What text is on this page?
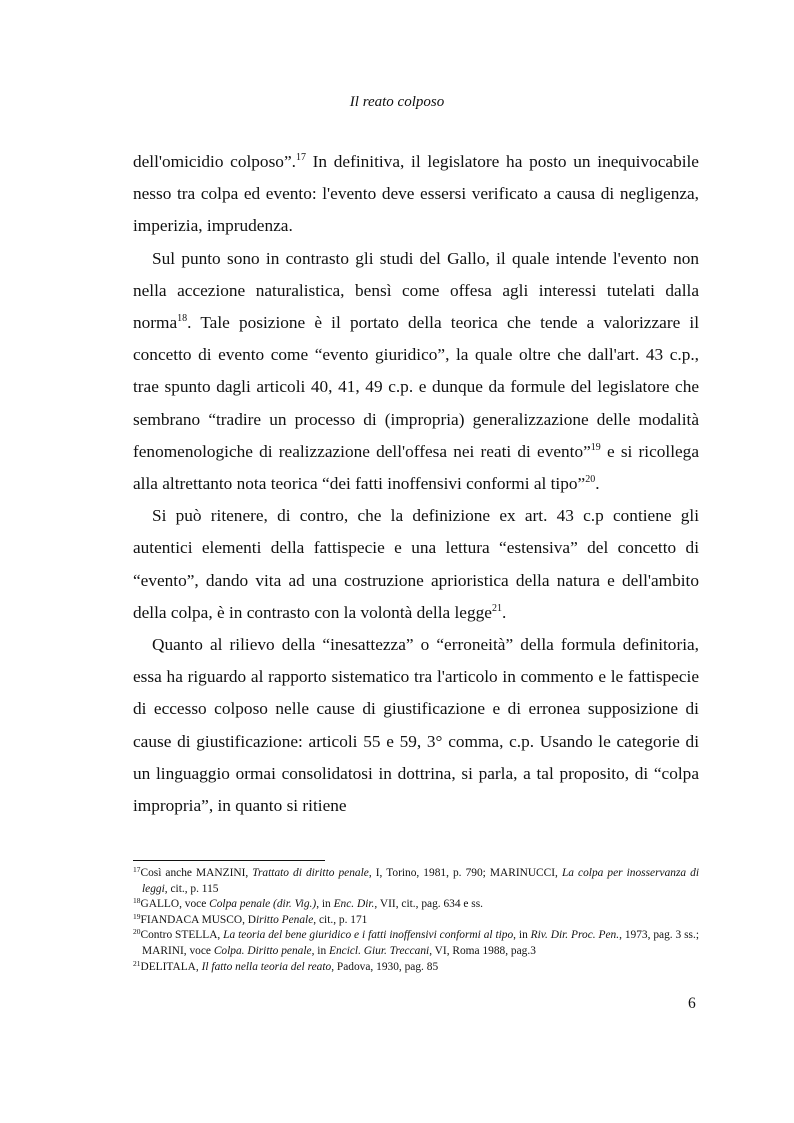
Il reato colposo

dell'omicidio colposo”.$^{17}$ In definitiva, il legislatore ha posto un inequivocabile nesso tra colpa ed evento: l'evento deve essersi verificato a causa di negligenza, imperizia, imprudenza.

Sul punto sono in contrasto gli studi del Gallo, il quale intende l'evento non nella accezione naturalistica, bensì come offesa agli interessi tutelati dalla norma$^{18}$. Tale posizione è il portato della teorica che tende a valorizzare il concetto di evento come “evento giuridico”, la quale oltre che dall'art. 43 c.p., trae spunto dagli articoli 40, 41, 49 c.p. e dunque da formule del legislatore che sembrano “tradire un processo di (impropria) generalizzazione delle modalità fenomenologiche di realizzazione dell'offesa nei reati di evento”$^{19}$ e si ricollega alla altrettanto nota teorica “dei fatti inoffensivi conformi al tipo”$^{20}$.

Si può ritenere, di contro, che la definizione ex art. 43 c.p contiene gli autentici elementi della fattispecie e una lettura “estensiva” del concetto di “evento”, dando vita ad una costruzione aprioristica della natura e dell'ambito della colpa, è in contrasto con la volontà della legge$^{21}$.

Quanto al rilievo della “inesattezza” o “erroneità” della formula definitoria, essa ha riguardo al rapporto sistematico tra l'articolo in commento e le fattispecie di eccesso colposo nelle cause di giustificazione e di erronea supposizione di cause di giustificazione: articoli 55 e 59, 3° comma, c.p. Usando le categorie di un linguaggio ormai consolidatosi in dottrina, si parla, a tal proposito, di “colpa impropria”, in quanto si ritiene

$^{17}$Così anche MANZINI, Trattato di diritto penale, I, Torino, 1981, p. 790; MARINUCCI, La colpa per inosservanza di leggi, cit., p. 115
$^{18}$GALLO, voce Colpa penale (dir. Vig.), in Enc. Dir., VII, cit., pag. 634 e ss.
$^{19}$FIANDACA MUSCO, Diritto Penale, cit., p. 171
$^{20}$Contro STELLA, La teoria del bene giuridico e i fatti inoffensivi conformi al tipo, in Riv. Dir. Proc. Pen., 1973, pag. 3 ss.; MARINI, voce Colpa. Diritto penale, in Encicl. Giur. Treccani, VI, Roma 1988, pag.3
$^{21}$DELITALA, Il fatto nella teoria del reato, Padova, 1930, pag. 85
6
